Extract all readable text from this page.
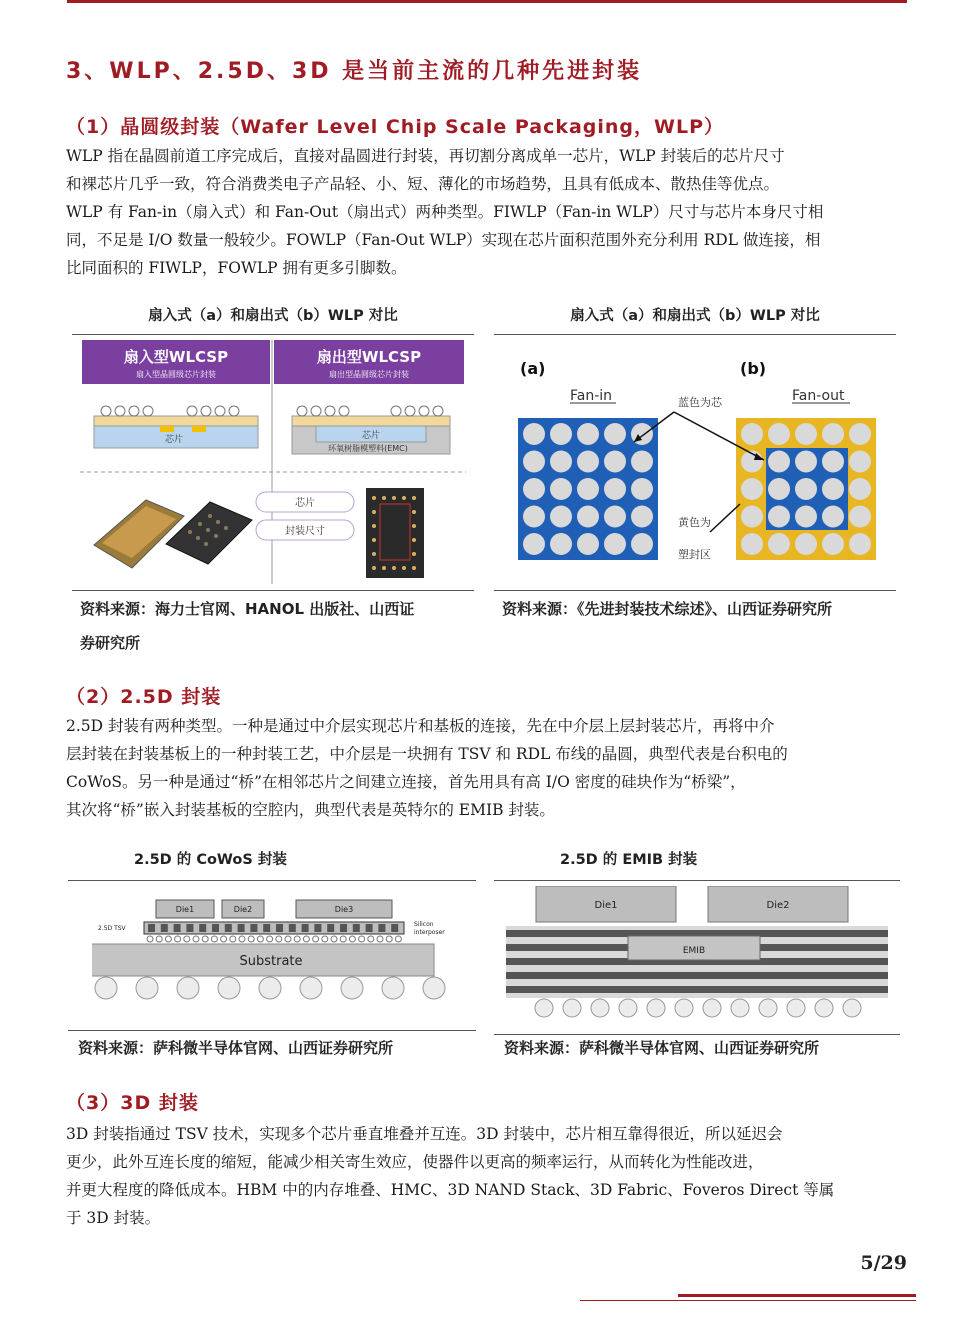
3、WLP、2.5D、3D 是当前主流的几种先进封装
（1）晶圆级封装（Wafer Level Chip Scale Packaging，WLP）
WLP 指在晶圆前道工序完成后，直接对晶圆进行封装，再切割分离成单一芯片，WLP 封装后的芯片尺寸
和裸芯片几乎一致，符合消费类电子产品轻、小、短、薄化的市场趋势，且具有低成本、散热佳等优点。
WLP 有 Fan-in（扇入式）和 Fan-Out（扇出式）两种类型。FIWLP（Fan-in WLP）尺寸与芯片本身尺寸相
同，不足是 I/O 数量一般较少。FOWLP（Fan-Out WLP）实现在芯片面积范围外充分利用 RDL 做连接，相
比同面积的 FIWLP，FOWLP 拥有更多引脚数。
扇入式（a）和扇出式（b）WLP 对比
扇入型WLCSP
扇入型晶圆级芯片封装
扇出型WLCSP
扇出型晶圆级芯片封装
芯片	芯片
环氧树脂模塑料(EMC)
芯片
封装尺寸
资料来源：海力士官网、HANOL 出版社、山西证
券研究所
扇入式（a）和扇出式（b）WLP 对比
(a)	(b)
Fan-in	Fan-out
蓝色为芯
黄色为
塑封区
资料来源：《先进封装技术综述》、山西证券研究所
（2）2.5D 封装
2.5D 封装有两种类型。一种是通过中介层实现芯片和基板的连接，先在中介层上层封装芯片，再将中介
层封装在封装基板上的一种封装工艺，中介层是一块拥有 TSV 和 RDL 布线的晶圆，典型代表是台积电的
CoWoS。另一种是通过“桥”在相邻芯片之间建立连接，首先用具有高 I/O 密度的硅块作为“桥梁”，
其次将“桥”嵌入封装基板的空腔内，典型代表是英特尔的 EMIB 封装。
2.5D 的 CoWoS 封装
Die1	Die2	Die3
2.5D TSV
Silicon
interposer
Substrate
资料来源：萨科微半导体官网、山西证券研究所
2.5D 的 EMIB 封装
Die1	Die2
EMIB
资料来源：萨科微半导体官网、山西证券研究所
（3）3D 封装
3D 封装指通过 TSV 技术，实现多个芯片垂直堆叠并互连。3D 封装中，芯片相互靠得很近，所以延迟会
更少，此外互连长度的缩短，能减少相关寄生效应，使器件以更高的频率运行，从而转化为性能改进，
并更大程度的降低成本。HBM 中的内存堆叠、HMC、3D NAND Stack、3D Fabric、Foveros Direct 等属
于 3D 封装。
5/29
